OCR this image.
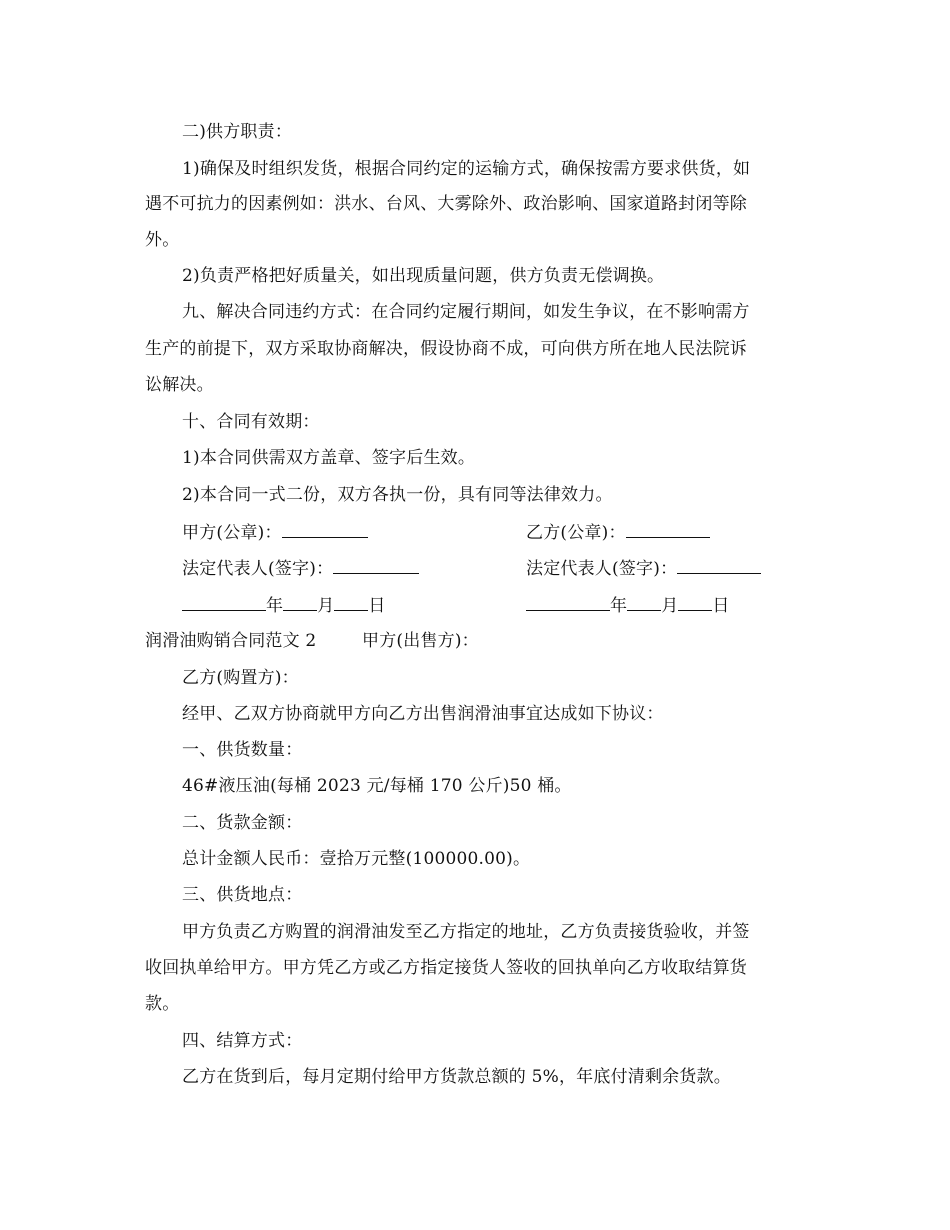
二)供方职责：
1)确保及时组织发货，根据合同约定的运输方式，确保按需方要求供货，如
遇不可抗力的因素例如：洪水、台风、大雾除外、政治影响、国家道路封闭等除
外。
2)负责严格把好质量关，如出现质量问题，供方负责无偿调换。
九、解决合同违约方式：在合同约定履行期间，如发生争议，在不影响需方
生产的前提下，双方采取协商解决，假设协商不成，可向供方所在地人民法院诉
讼解决。
十、合同有效期：
1)本合同供需双方盖章、签字后生效。
2)本合同一式二份，双方各执一份，具有同等法律效力。
甲方(公章)：	乙方(公章)：
法定代表人(签字)：	法定代表人(签字)：
年 月 日	年 月 日
润滑油购销合同范文 2	甲方(出售方)：
乙方(购置方)：
经甲、乙双方协商就甲方向乙方出售润滑油事宜达成如下协议：
一、供货数量：
46#液压油(每桶 2023 元/每桶 170 公斤)50 桶。
二、货款金额：
总计金额人民币：壹拾万元整(100000.00)。
三、供货地点：
甲方负责乙方购置的润滑油发至乙方指定的地址，乙方负责接货验收，并签
收回执单给甲方。甲方凭乙方或乙方指定接货人签收的回执单向乙方收取结算货
款。
四、结算方式：
乙方在货到后，每月定期付给甲方货款总额的 5%，年底付清剩余货款。
